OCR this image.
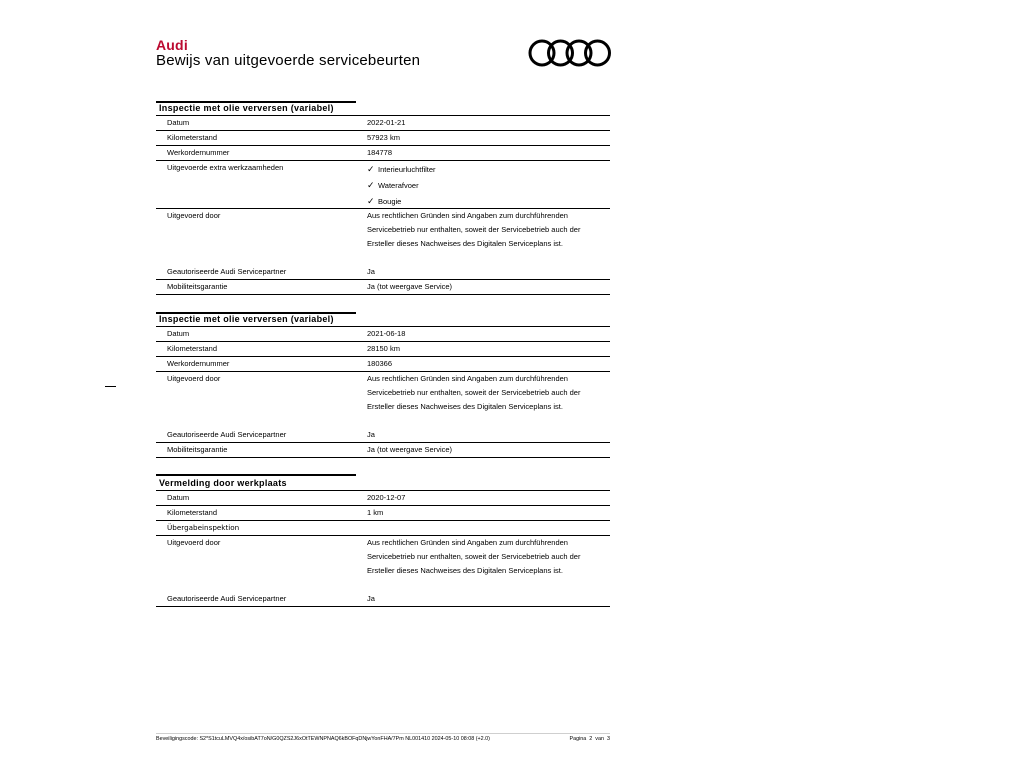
Audi
Bewijs van uitgevoerde servicebeurten
Inspectie met olie verversen (variabel)
Datum	2022-01-21
Kilometerstand	57923 km
Werkordernummer	184778
Uitgevoerde extra werkzaamheden	✓ Interieurluchtfilter
✓ Waterafvoer
✓ Bougie
Uitgevoerd door	Aus rechtlichen Gründen sind Angaben zum durchführenden
Servicebetrieb nur enthalten, soweit der Servicebetrieb auch der
Ersteller dieses Nachweises des Digitalen Serviceplans ist.
Geautoriseerde Audi Servicepartner	Ja
Mobiliteitsgarantie	Ja (tot weergave Service)
Inspectie met olie verversen (variabel)
Datum	2021-06-18
Kilometerstand	28150 km
Werkordernummer	180366
Uitgevoerd door	Aus rechtlichen Gründen sind Angaben zum durchführenden
Servicebetrieb nur enthalten, soweit der Servicebetrieb auch der
Ersteller dieses Nachweises des Digitalen Serviceplans ist.
Geautoriseerde Audi Servicepartner	Ja
Mobiliteitsgarantie	Ja (tot weergave Service)
Vermelding door werkplaats
Datum	2020-12-07
Kilometerstand	1 km
Übergabeinspektion
Uitgevoerd door	Aus rechtlichen Gründen sind Angaben zum durchführenden
Servicebetrieb nur enthalten, soweit der Servicebetrieb auch der
Ersteller dieses Nachweises des Digitalen Serviceplans ist.
Geautoriseerde Audi Servicepartner	Ja
Beveiligingscode: S2*S1tcuLMVQ4x/osibAT7oN/G0QZS2J6xOtTEWNPNAQ6kBOFqDNjwYonFHA/7Pm NL001410 2024-05-10 08:08 (+2.0)	Pagina 2 van 3
